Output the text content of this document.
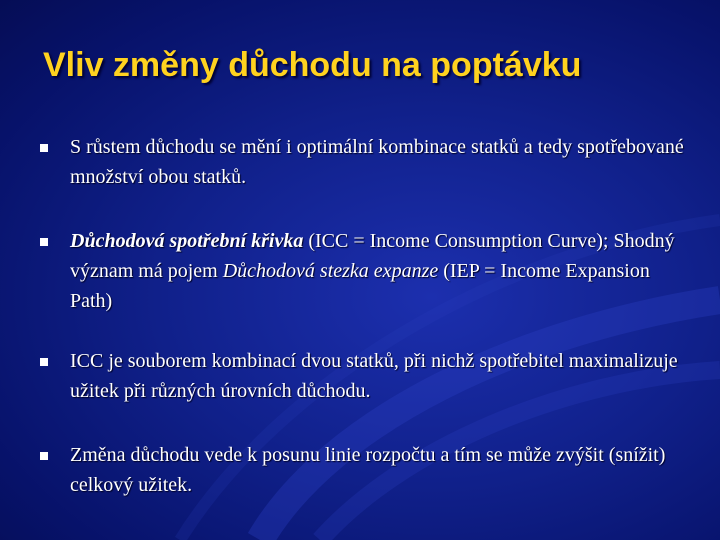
Vliv změny důchodu na poptávku
S růstem důchodu se mění i optimální kombinace statků a tedy spotřebované množství obou statků.
Důchodová spotřební křivka (ICC = Income Consumption Curve); Shodný význam má pojem Důchodová stezka expanze (IEP = Income Expansion Path)
ICC je souborem kombinací dvou statků, při nichž spotřebitel maximalizuje užitek při různých úrovních důchodu.
Změna důchodu vede k posunu linie rozpočtu a tím se může zvýšit (snížit) celkový užitek.
